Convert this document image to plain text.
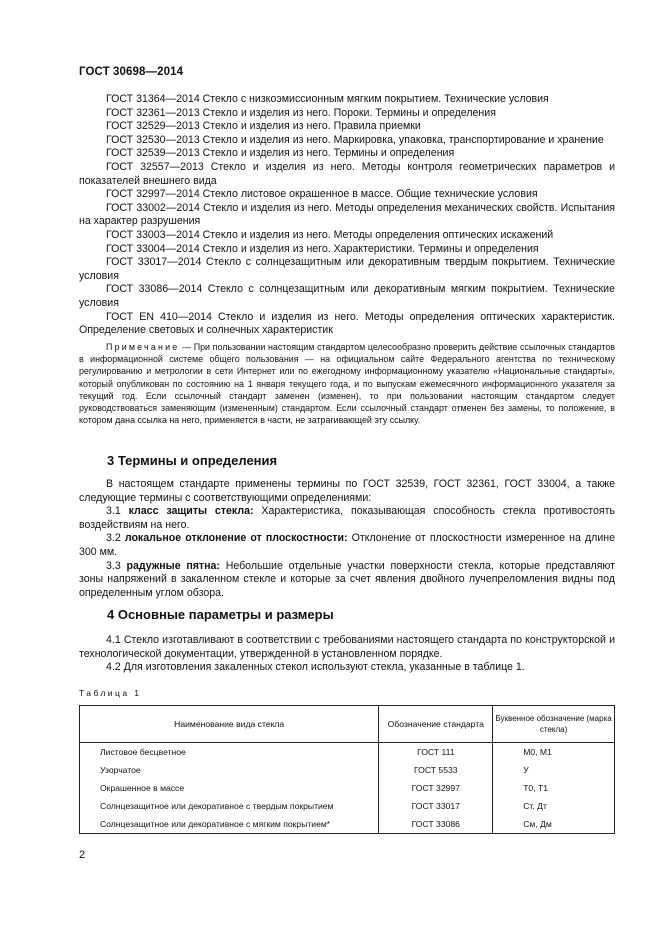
ГОСТ 30698—2014

ГОСТ 31364—2014 Стекло с низкоэмиссионным мягким покрытием. Технические условия

ГОСТ 32361—2013 Стекло и изделия из него. Пороки. Термины и определения

ГОСТ 32529—2013 Стекло и изделия из него. Правила приемки

ГОСТ 32530—2013 Стекло и изделия из него. Маркировка, упаковка, транспортирование и хранение

ГОСТ 32539—2013 Стекло и изделия из него. Термины и определения

ГОСТ 32557—2013 Стекло и изделия из него. Методы контроля геометрических параметров и показателей внешнего вида

ГОСТ 32997—2014 Стекло листовое окрашенное в массе. Общие технические условия

ГОСТ 33002—2014 Стекло и изделия из него. Методы определения механических свойств. Испытания на характер разрушения

ГОСТ 33003—2014 Стекло и изделия из него. Методы определения оптических искажений

ГОСТ 33004—2014 Стекло и изделия из него. Характеристики. Термины и определения

ГОСТ 33017—2014 Стекло с солнцезащитным или декоративным твердым покрытием. Технические условия

ГОСТ 33086—2014 Стекло с солнцезащитным или декоративным мягким покрытием. Технические условия

ГОСТ EN 410—2014 Стекло и изделия из него. Методы определения оптических характеристик. Определение световых и солнечных характеристик

Примечание — При пользовании настоящим стандартом целесообразно проверить действие ссылочных стандартов в информационной системе общего пользования — на официальном сайте Федерального агентства по техническому регулированию и метрологии в сети Интернет или по ежегодному информационному указателю «Национальные стандарты», который опубликован по состоянию на 1 января текущего года, и по выпускам ежемесячного информационного указателя за текущий год. Если ссылочный стандарт заменен (изменен), то при пользовании настоящим стандартом следует руководствоваться заменяющим (измененным) стандартом. Если ссылочный стандарт отменен без замены, то положение, в котором дана ссылка на него, применяется в части, не затрагивающей эту ссылку.

3 Термины и определения

В настоящем стандарте применены термины по ГОСТ 32539, ГОСТ 32361, ГОСТ 33004, а также следующие термины с соответствующими определениями:

3.1 класс защиты стекла: Характеристика, показывающая способность стекла противостоять воздействиям на него.

3.2 локальное отклонение от плоскостности: Отклонение от плоскостности измеренное на длине 300 мм.

3.3 радужные пятна: Небольшие отдельные участки поверхности стекла, которые представляют зоны напряжений в закаленном стекле и которые за счет явления двойного лучепреломления видны под определенным углом обзора.

4 Основные параметры и размеры

4.1 Стекло изготавливают в соответствии с требованиями настоящего стандарта по конструкторской и технологической документации, утвержденной в установленном порядке.

4.2 Для изготовления закаленных стекол используют стекла, указанные в таблице 1.

Таблица 1
Наименование вида стекла	Обозначение стандарта	Буквенное обозначение (марка стекла)
Листовое бесцветное	ГОСТ 111	М0, М1
Узорчатое	ГОСТ 5533	У
Окрашенное в массе	ГОСТ 32997	Т0, Т1
Солнцезащитное или декоративное с твердым покрытием	ГОСТ 33017	Ст, Дт
Солнцезащитное или декоративное с мягким покрытием*	ГОСТ 33086	См, Дм
2
